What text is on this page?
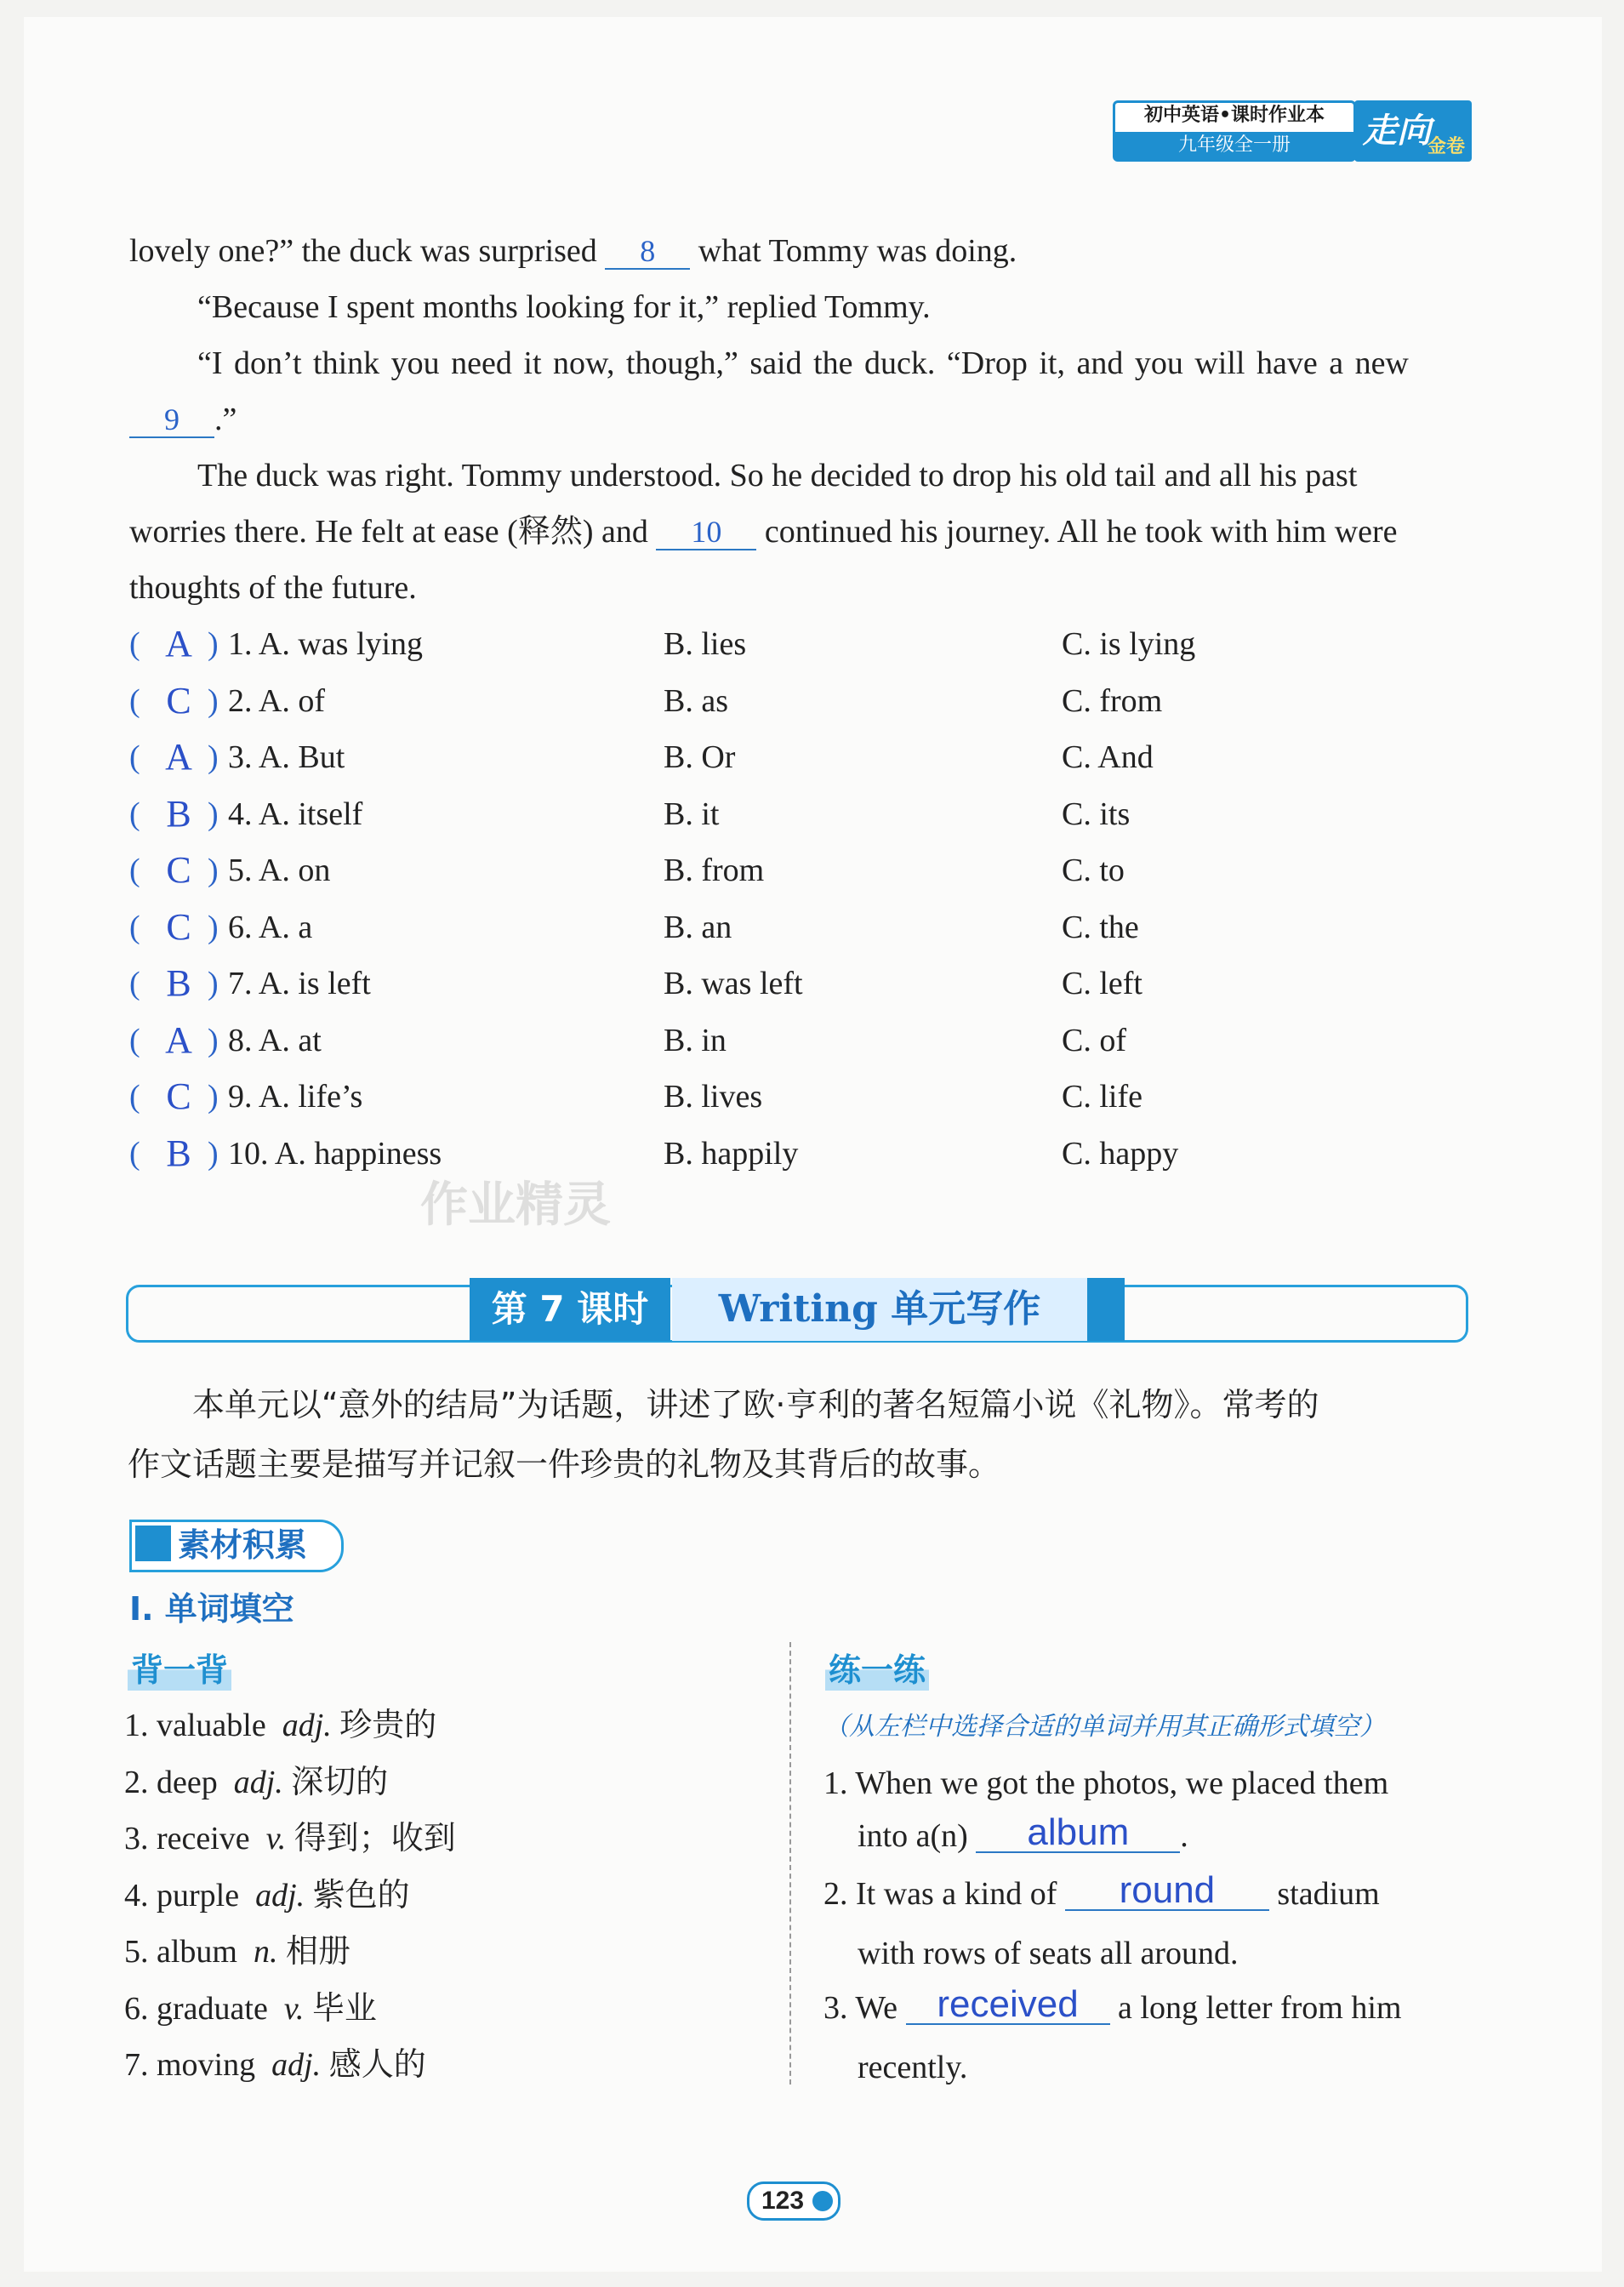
初中英语•课时作业本
九年级全一册	走向
金卷
lovely one?” the duck was surprised 8 what Tommy was doing.
“Because I spent months looking for it,” replied Tommy.
“I don’t think you need it now, though,” said the duck. “Drop it, and you will have a new
9 .”
The duck was right. Tommy understood. So he decided to drop his old tail and all his past
worries there. He felt at ease (释然) and 10 continued his journey. All he took with him were
thoughts of the future.
( A ) 1. A. was lying	B. lies	C. is lying
( C ) 2. A. of	B. as	C. from
( A ) 3. A. But	B. Or	C. And
( B ) 4. A. itself	B. it	C. its
( C ) 5. A. on	B. from	C. to
( C ) 6. A. a	B. an	C. the
( B ) 7. A. is left	B. was left	C. left
( A ) 8. A. at	B. in	C. of
( C ) 9. A. life’s	B. lives	C. life
( B ) 10. A. happiness	B. happily	C. happy
作业精灵
第 7 课时	Writing 单元写作
本单元以“意外的结局”为话题，讲述了欧·亨利的著名短篇小说《礼物》。常考的
作文话题主要是描写并记叙一件珍贵的礼物及其背后的故事。
素材积累
I. 单词填空
背一背	练一练
1. valuable adj. 珍贵的
2. deep adj. 深切的
3. receive v. 得到；收到
4. purple adj. 紫色的
5. album n. 相册
6. graduate v. 毕业
7. moving adj. 感人的
（从左栏中选择合适的单词并用其正确形式填空）
1. When we got the photos, we placed them
into a(n) album .
2. It was a kind of round stadium
with rows of seats all around.
3. We received a long letter from him
recently.
123
